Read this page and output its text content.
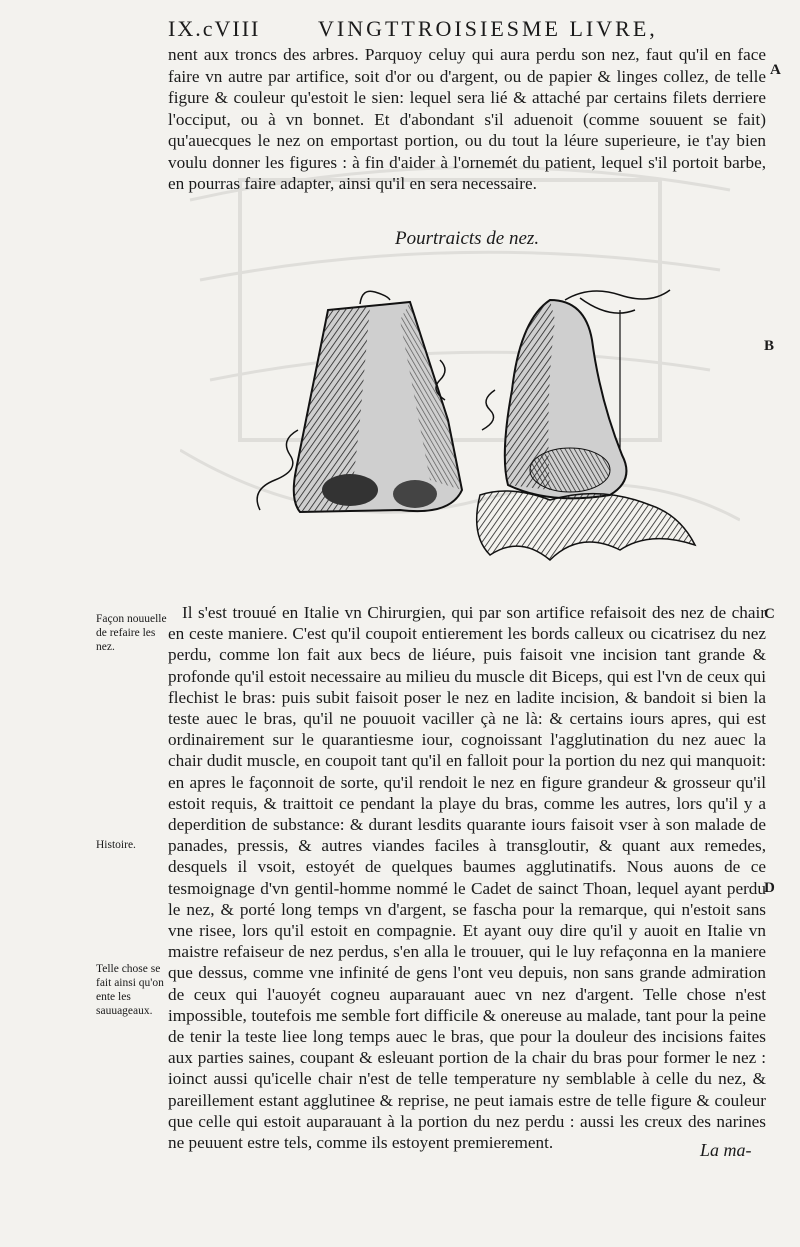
IX.cVIII	VINGTTROISIESME LIVRE,

nent aux troncs des arbres. Parquoy celuy qui aura perdu son nez, faut qu'il en face faire vn autre par artifice, soit d'or ou d'argent, ou de papier & linges collez, de telle figure & couleur qu'estoit le sien: lequel sera lié & attaché par certains filets derriere l'occiput, ou à vn bonnet. Et d'abondant s'il aduenoit (comme souuent se fait) qu'auecques le nez on emportast portion, ou du tout la léure superieure, ie t'ay bien voulu donner les figures : à fin d'aider à l'ornemét du patient, lequel s'il portoit barbe, en pourras faire adapter, ainsi qu'il en sera necessaire.

A
B
C
D
Pourtraicts de nez.
Façon nouuelle de refaire les nez.
Histoire.
Telle chose se fait ainsi qu'on ente les sauuageaux.

Il s'est trouué en Italie vn Chirurgien, qui par son artifice refaisoit des nez de chair en ceste maniere. C'est qu'il coupoit entierement les bords calleux ou cicatrisez du nez perdu, comme lon fait aux becs de liéure, puis faisoit vne incision tant grande & profonde qu'il estoit necessaire au milieu du muscle dit Biceps, qui est l'vn de ceux qui flechist le bras: puis subit faisoit poser le nez en ladite incision, & bandoit si bien la teste auec le bras, qu'il ne pouuoit vaciller çà ne là: & certains iours apres, qui est ordinairement sur le quarantiesme iour, cognoissant l'agglutination du nez auec la chair dudit muscle, en coupoit tant qu'il en falloit pour la portion du nez qui manquoit: en apres le façonnoit de sorte, qu'il rendoit le nez en figure grandeur & grosseur qu'il estoit requis, & traittoit ce pendant la playe du bras, comme les autres, lors qu'il y a deperdition de substance: & durant lesdits quarante iours faisoit vser à son malade de panades, pressis, & autres viandes faciles à transgloutir, & quant aux remedes, desquels il vsoit, estoyét de quelques baumes agglutinatifs. Nous auons de ce tesmoignage d'vn gentil-homme nommé le Cadet de sainct Thoan, lequel ayant perdu le nez, & porté long temps vn d'argent, se fascha pour la remarque, qui n'estoit sans vne risee, lors qu'il estoit en compagnie. Et ayant ouy dire qu'il y auoit en Italie vn maistre refaiseur de nez perdus, s'en alla le trouuer, qui le luy refaçonna en la maniere que dessus, comme vne infinité de gens l'ont veu depuis, non sans grande admiration de ceux qui l'auoyét cogneu auparauant auec vn nez d'argent. Telle chose n'est impossible, toutefois me semble fort difficile & onereuse au malade, tant pour la peine de tenir la teste liee long temps auec le bras, que pour la douleur des incisions faites aux parties saines, coupant & esleuant portion de la chair du bras pour former le nez : ioinct aussi qu'icelle chair n'est de telle temperature ny semblable à celle du nez, & pareillement estant agglutinee & reprise, ne peut iamais estre de telle figure & couleur que celle qui estoit auparauant à la portion du nez perdu : aussi les creux des narines ne peuuent estre tels, comme ils estoyent premierement.	La ma-
